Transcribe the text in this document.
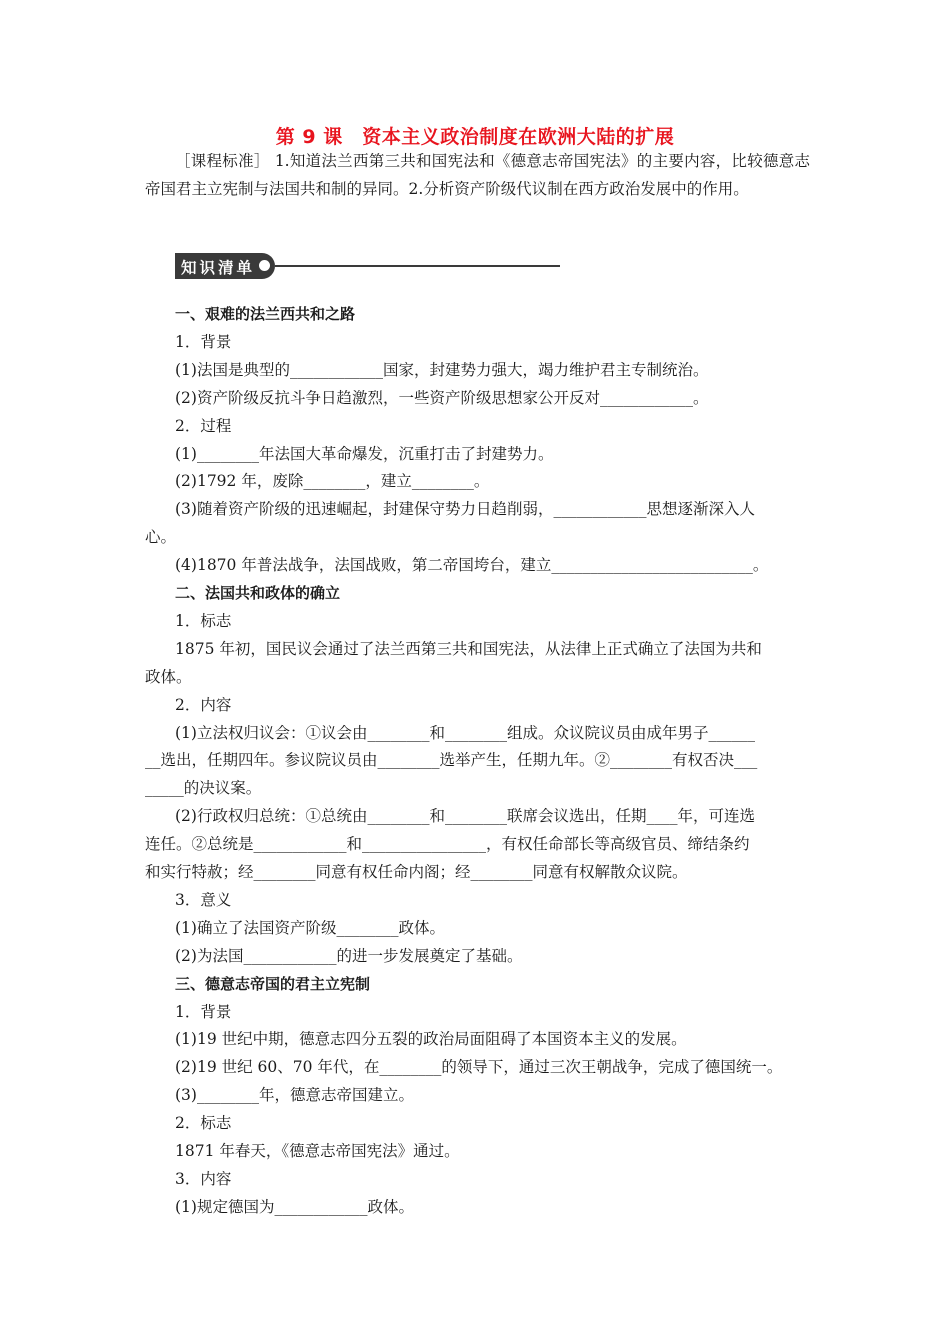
第 9 课　资本主义政治制度在欧洲大陆的扩展
［课程标准］ 1.知道法兰西第三共和国宪法和《德意志帝国宪法》的主要内容，比较德意志帝国君主立宪制与法国共和制的异同。2.分析资产阶级代议制在西方政治发展中的作用。
知识清单
一、艰难的法兰西共和之路
1．背景
(1)法国是典型的____________国家，封建势力强大，竭力维护君主专制统治。
(2)资产阶级反抗斗争日趋激烈，一些资产阶级思想家公开反对____________。
2．过程
(1)________年法国大革命爆发，沉重打击了封建势力。
(2)1792 年，废除________，建立________。
(3)随着资产阶级的迅速崛起，封建保守势力日趋削弱，____________思想逐渐深入人
心。
(4)1870 年普法战争，法国战败，第二帝国垮台，建立__________________________。
二、法国共和政体的确立
1．标志
1875 年初，国民议会通过了法兰西第三共和国宪法，从法律上正式确立了法国为共和
政体。
2．内容
(1)立法权归议会：①议会由________和________组成。众议院议员由成年男子______
__选出，任期四年。参议院议员由________选举产生，任期九年。②________有权否决___
_____的决议案。
(2)行政权归总统：①总统由________和________联席会议选出，任期____年，可连选
连任。②总统是____________和________________，有权任命部长等高级官员、缔结条约
和实行特赦；经________同意有权任命内阁；经________同意有权解散众议院。
3．意义
(1)确立了法国资产阶级________政体。
(2)为法国____________的进一步发展奠定了基础。
三、德意志帝国的君主立宪制
1．背景
(1)19 世纪中期，德意志四分五裂的政治局面阻碍了本国资本主义的发展。
(2)19 世纪 60、70 年代，在________的领导下，通过三次王朝战争，完成了德国统一。
(3)________年，德意志帝国建立。
2．标志
1871 年春天，《德意志帝国宪法》通过。
3．内容
(1)规定德国为____________政体。
